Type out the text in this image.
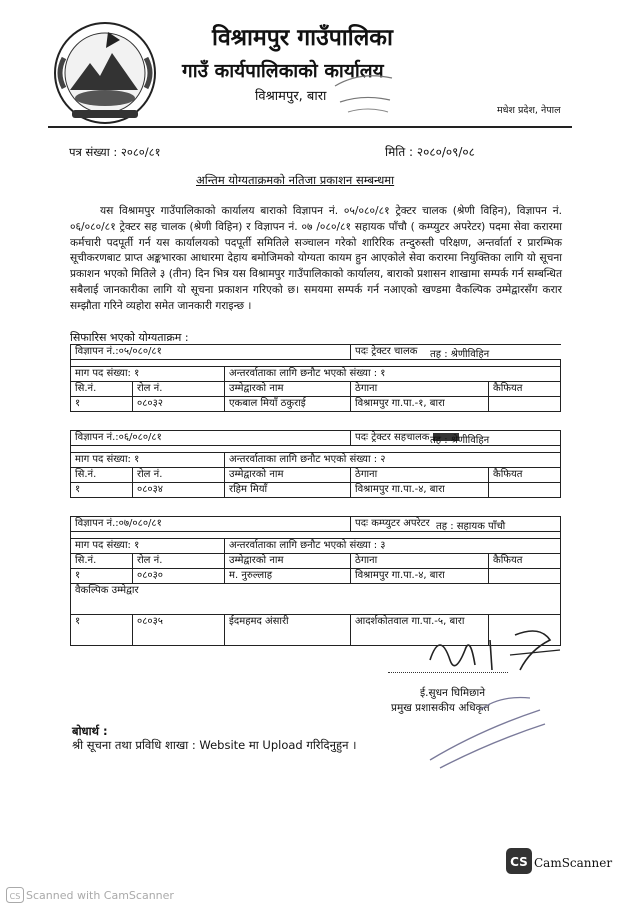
विश्रामपुर गाउँपालिका
गाउँ कार्यपालिकाको कार्यालय
विश्रामपुर, बारा
मधेश प्रदेश, नेपाल
पत्र संख्या : २०८०/८१	मिति : २०८०/०९/०८
अन्तिम योग्यताक्रमको नतिजा प्रकाशन सम्बन्धमा
यस विश्रामपुर गाउँपालिकाको कार्यालय बाराको विज्ञापन नं. ०५/०८०/८१ ट्रेक्टर चालक (श्रेणी विहिन), विज्ञापन नं. ०६/०८०/८१ ट्रेक्टर सह चालक (श्रेणी विहिन) र विज्ञापन नं. ०७ /०८०/८१ सहायक पाँचौ ( कम्प्युटर अपरेटर) पदमा सेवा करारमा कर्मचारी पदपूर्ती गर्न यस कार्यालयको पदपूर्ती समितिले सञ्चालन गरेको शारिरिक तन्दुरुस्ती परिक्षण, अन्तर्वार्ता र प्रारम्भिक सूचीकरणबाट प्राप्त अङ्कभारका आधारमा देहाय बमोजिमको योग्यता कायम हुन आएकोले सेवा करारमा नियुक्तिका लागि यो सूचना प्रकाशन भएको मितिले ३ (तीन) दिन भित्र यस विश्रामपुर गाउँपालिकाको कार्यालय, बाराको प्रशासन शाखामा सम्पर्क गर्न सम्बन्धित सबैलाई जानकारीका लागि यो सूचना प्रकाशन गरिएको छ। समयमा सम्पर्क गर्न नआएको खण्डमा वैकल्पिक उम्मेद्वारसँग करार सम्झौता गरिने व्यहोरा समेत जानकारी गराइन्छ ।
सिफारिस भएको योग्यताक्रम :
विज्ञापन नं.:०५/०८०/८१			पदः ट्रेक्टर चालक	

माग पद संख्या: १		अन्तरर्वाताका लागि छनौट भएको संख्या : १		
सि.नं.	रोल नं.	उम्मेद्वारको नाम	ठेगाना	कैफियत
१	०८०३२	एकबाल मियाँ ठकुराई	विश्रामपुर गा.पा.-१, बारा	
तह : श्रेणीविहिन
विज्ञापन नं.:०६/०८०/८१			पदः ट्रेक्टर सहचालक	

माग पद संख्या: १		अन्तरर्वाताका लागि छनौट भएको संख्या : २		
सि.नं.	रोल नं.	उम्मेद्वारको नाम	ठेगाना	कैफियत
१	०८०३४	रहिम मियाँ	विश्रामपुर गा.पा.-४, बारा	
तह : श्रेणीविहिन
विज्ञापन नं.:०७/०८०/८१			पदः कम्प्युटर अपरेटर	

माग पद संख्या: १		अन्तरर्वाताका लागि छनौट भएको संख्या : ३		
सि.नं.	रोल नं.	उम्मेद्वारको नाम	ठेगाना	कैफियत
१	०८०३०	म. नुरुल्लाह	विश्रामपुर गा.पा.-४, बारा	
वैकल्पिक उम्मेद्वार				
१	०८०३५	ईदमहमद अंसारी	आदर्शकोतवाल गा.पा.-५, बारा	
तह : सहायक पाँचौ
ई.सुधन घिमिछाने
प्रमुख प्रशासकीय अधिकृत
बोधार्थ :
श्री सूचना तथा प्रविधि शाखा : Website मा Upload गरिदिनुहुन ।
CS CamScanner
CS Scanned with CamScanner
